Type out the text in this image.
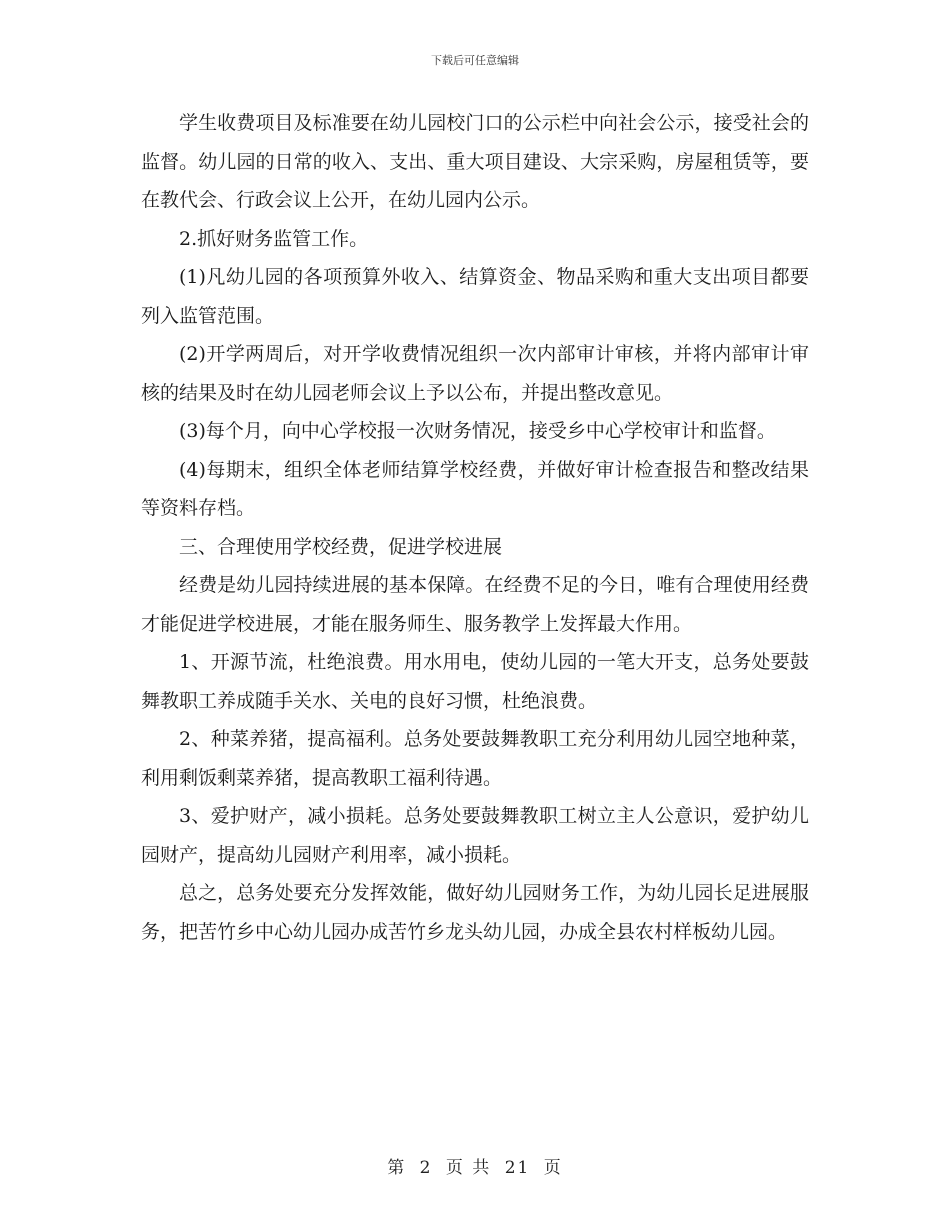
下载后可任意编辑

学生收费项目及标准要在幼儿园校门口的公示栏中向社会公示，接受社会的监督。幼儿园的日常的收入、支出、重大项目建设、大宗采购，房屋租赁等，要在教代会、行政会议上公开，在幼儿园内公示。

2.抓好财务监管工作。

(1)凡幼儿园的各项预算外收入、结算资金、物品采购和重大支出项目都要列入监管范围。

(2)开学两周后，对开学收费情况组织一次内部审计审核，并将内部审计审核的结果及时在幼儿园老师会议上予以公布，并提出整改意见。

(3)每个月，向中心学校报一次财务情况，接受乡中心学校审计和监督。

(4)每期末，组织全体老师结算学校经费，并做好审计检查报告和整改结果等资料存档。

三、合理使用学校经费，促进学校进展

经费是幼儿园持续进展的基本保障。在经费不足的今日，唯有合理使用经费才能促进学校进展，才能在服务师生、服务教学上发挥最大作用。

1、开源节流，杜绝浪费。用水用电，使幼儿园的一笔大开支，总务处要鼓舞教职工养成随手关水、关电的良好习惯，杜绝浪费。

2、种菜养猪，提高福利。总务处要鼓舞教职工充分利用幼儿园空地种菜，利用剩饭剩菜养猪，提高教职工福利待遇。

3、爱护财产，减小损耗。总务处要鼓舞教职工树立主人公意识，爱护幼儿园财产，提高幼儿园财产利用率，减小损耗。

总之，总务处要充分发挥效能，做好幼儿园财务工作，为幼儿园长足进展服务，把苦竹乡中心幼儿园办成苦竹乡龙头幼儿园，办成全县农村样板幼儿园。

第 2 页 共 21 页
